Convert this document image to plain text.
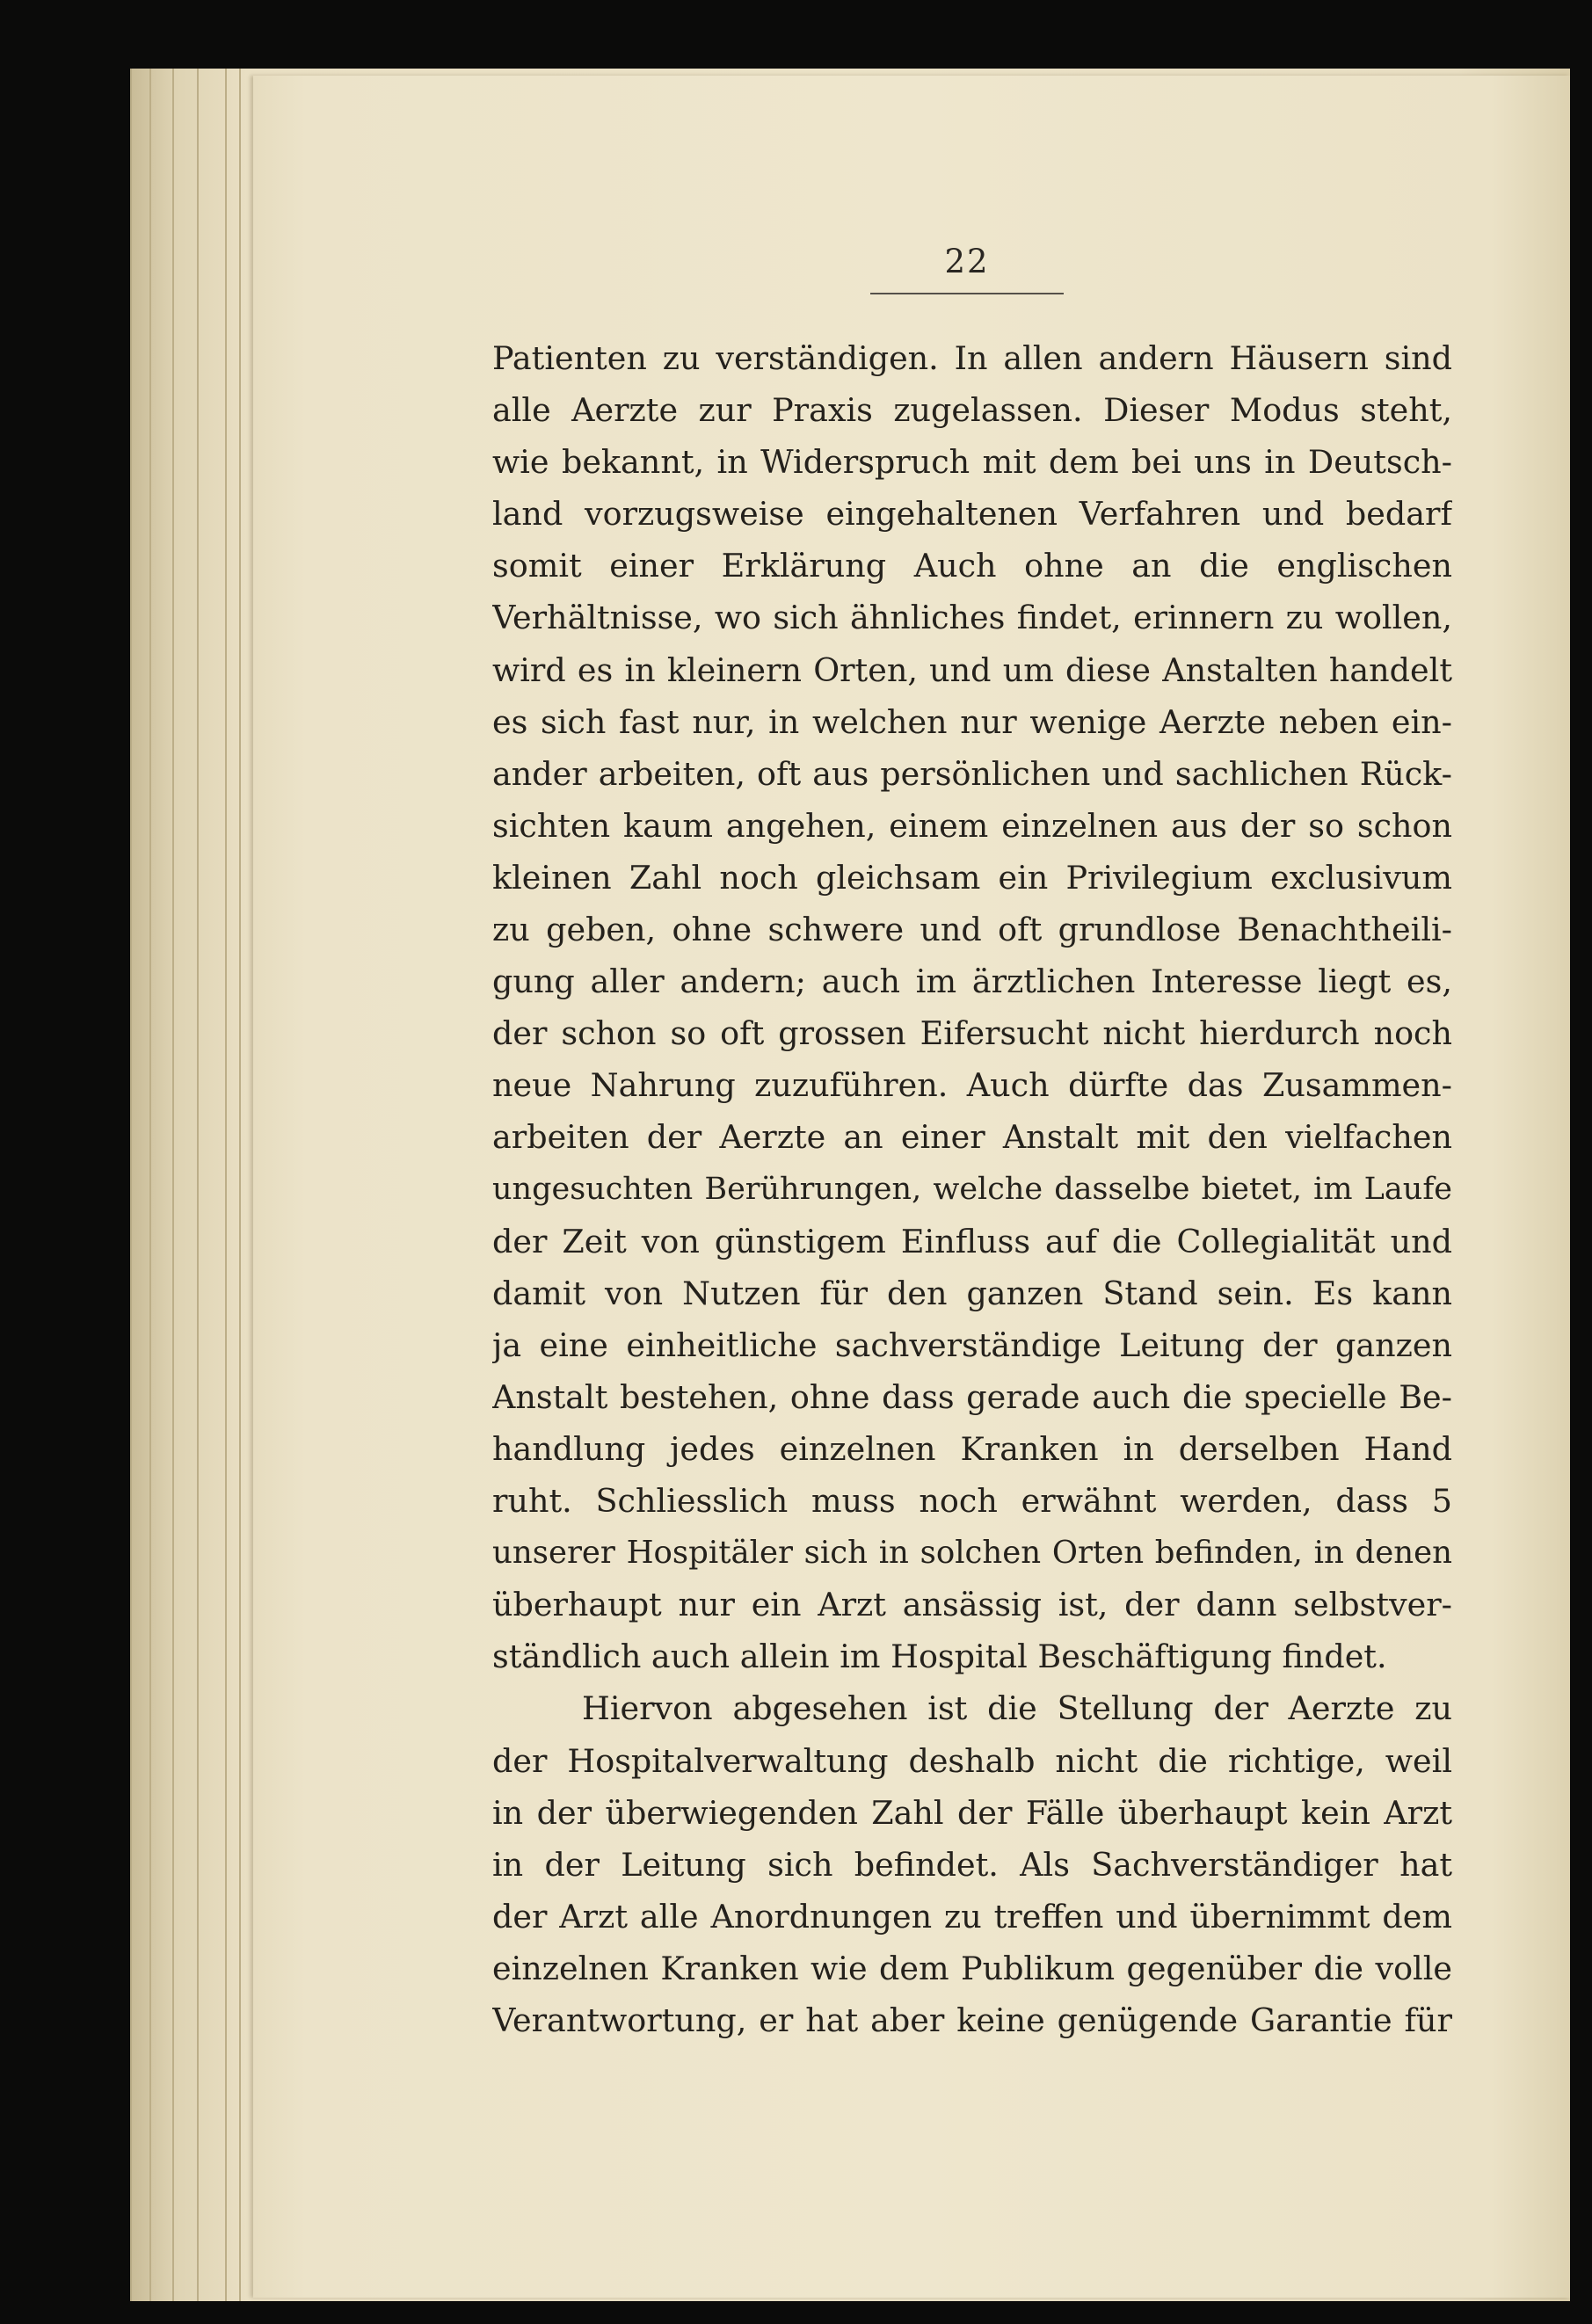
22
Patienten zu verständigen. In allen andern Häusern sind
alle Aerzte zur Praxis zugelassen. Dieser Modus steht,
wie bekannt, in Widerspruch mit dem bei uns in Deutsch-
land vorzugsweise eingehaltenen Verfahren und bedarf
somit einer Erklärung Auch ohne an die englischen
Verhältnisse, wo sich ähnliches findet, erinnern zu wollen,
wird es in kleinern Orten, und um diese Anstalten handelt
es sich fast nur, in welchen nur wenige Aerzte neben ein-
ander arbeiten, oft aus persönlichen und sachlichen Rück-
sichten kaum angehen, einem einzelnen aus der so schon
kleinen Zahl noch gleichsam ein Privilegium exclusivum
zu geben, ohne schwere und oft grundlose Benachtheili-
gung aller andern; auch im ärztlichen Interesse liegt es,
der schon so oft grossen Eifersucht nicht hierdurch noch
neue Nahrung zuzuführen. Auch dürfte das Zusammen-
arbeiten der Aerzte an einer Anstalt mit den vielfachen
ungesuchten Berührungen, welche dasselbe bietet, im Laufe
der Zeit von günstigem Einfluss auf die Collegialität und
damit von Nutzen für den ganzen Stand sein. Es kann
ja eine einheitliche sachverständige Leitung der ganzen
Anstalt bestehen, ohne dass gerade auch die specielle Be-
handlung jedes einzelnen Kranken in derselben Hand
ruht. Schliesslich muss noch erwähnt werden, dass 5
unserer Hospitäler sich in solchen Orten befinden, in denen
überhaupt nur ein Arzt ansässig ist, der dann selbstver-
ständlich auch allein im Hospital Beschäftigung findet.
Hiervon abgesehen ist die Stellung der Aerzte zu
der Hospitalverwaltung deshalb nicht die richtige, weil
in der überwiegenden Zahl der Fälle überhaupt kein Arzt
in der Leitung sich befindet. Als Sachverständiger hat
der Arzt alle Anordnungen zu treffen und übernimmt dem
einzelnen Kranken wie dem Publikum gegenüber die volle
Verantwortung, er hat aber keine genügende Garantie für
